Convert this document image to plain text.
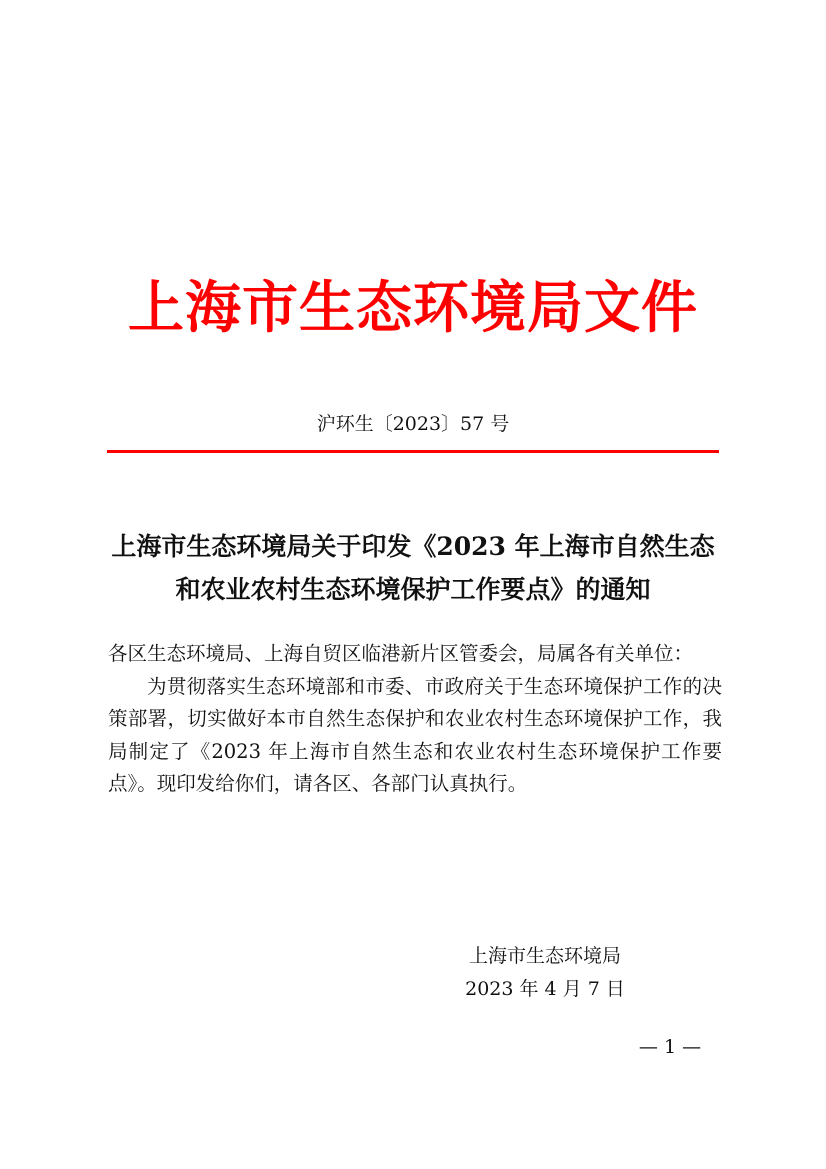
上海市生态环境局文件
沪环生〔2023〕57 号
上海市生态环境局关于印发《2023 年上海市自然生态
和农业农村生态环境保护工作要点》的通知

各区生态环境局、上海自贸区临港新片区管委会，局属各有关单位：

为贯彻落实生态环境部和市委、市政府关于生态环境保护工作的决策部署，切实做好本市自然生态保护和农业农村生态环境保护工作，我局制定了《2023 年上海市自然生态和农业农村生态环境保护工作要点》。现印发给你们，请各区、各部门认真执行。

上海市生态环境局
2023 年 4 月 7 日
— 1 —
